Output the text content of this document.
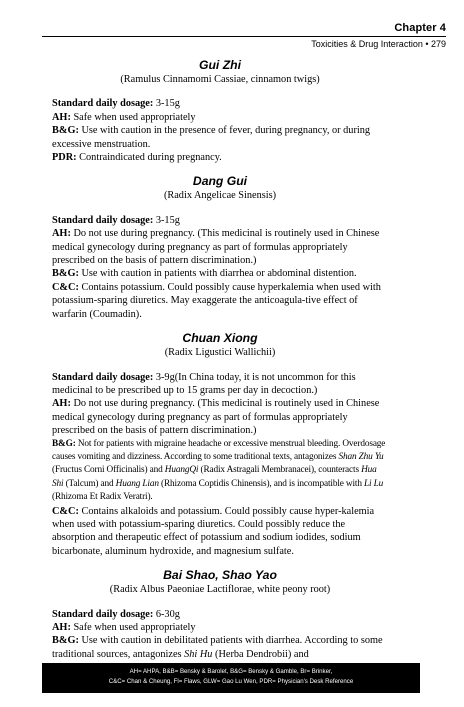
Chapter 4
Toxicities & Drug Interaction • 279

Gui Zhi

(Ramulus Cinnamomi Cassiae, cinnamon twigs)

Standard daily dosage: 3-15g

AH: Safe when used appropriately

B&G: Use with caution in the presence of fever, during pregnancy, or during excessive menstruation.

PDR: Contraindicated during pregnancy.

Dang Gui

(Radix Angelicae Sinensis)

Standard daily dosage: 3-15g

AH: Do not use during pregnancy. (This medicinal is routinely used in Chinese medical gynecology during pregnancy as part of formulas appropriately prescribed on the basis of pattern discrimination.)

B&G: Use with caution in patients with diarrhea or abdominal distention.

C&C: Contains potassium. Could possibly cause hyperkalemia when used with potassium-sparing diuretics. May exaggerate the anticoagula-tive effect of warfarin (Coumadin).

Chuan Xiong

(Radix Ligustici Wallichii)

Standard daily dosage: 3-9g(In China today, it is not uncommon for this medicinal to be prescribed up to 15 grams per day in decoction.)

AH: Do not use during pregnancy. (This medicinal is routinely used in Chinese medical gynecology during pregnancy as part of formulas appropriately prescribed on the basis of pattern discrimination.)

B&G: Not for patients with migraine headache or excessive menstrual bleeding. Overdosage causes vomiting and dizziness. According to some traditional texts, antagonizes Shan Zhu Yu (Fructus Corni Officinalis) and HuangQi (Radix Astragali Membranacei), counteracts Hua Shi (Talcum) and Huang Lian (Rhizoma Coptidis Chinensis), and is incompatible with Li Lu (Rhizoma Et Radix Veratri).

C&C: Contains alkaloids and potassium. Could possibly cause hyper-kalemia when used with potassium-sparing diuretics. Could possibly reduce the absorption and therapeutic effect of potassium and sodium iodides, sodium bicarbonate, aluminum hydroxide, and magnesium sulfate.

Bai Shao, Shao Yao

(Radix Albus Paeoniae Lactiflorae, white peony root)

Standard daily dosage: 6-30g

AH: Safe when used appropriately

B&G: Use with caution in debilitated patients with diarrhea. According to some traditional sources, antagonizes Shi Hu (Herba Dendrobii) and

AH= AHPA, B&B= Bensky & Barolet, B&G= Bensky & Gamble, Br= Brinker,
C&C= Chan & Cheung, Fl= Flaws, GLW= Gao Lu Wen, PDR= Physician's Desk Reference
